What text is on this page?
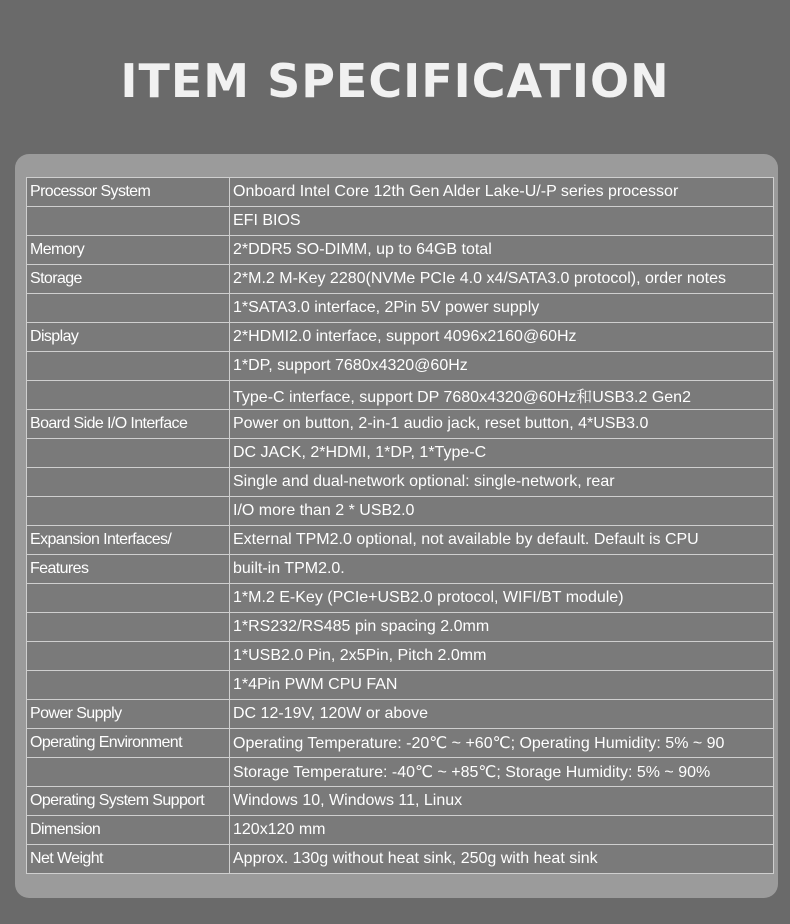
ITEM SPECIFICATION
Processor System	Onboard Intel Core 12th Gen Alder Lake-U/-P series processor
	EFI BIOS
Memory	2*DDR5 SO-DIMM, up to 64GB total
Storage	2*M.2 M-Key 2280(NVMe PCIe 4.0 x4/SATA3.0 protocol), order notes
	1*SATA3.0 interface, 2Pin 5V power supply
Display	2*HDMI2.0 interface, support 4096x2160@60Hz
	1*DP, support 7680x4320@60Hz
	Type-C interface, support DP 7680x4320@60Hz和USB3.2 Gen2
Board Side I/O Interface	Power on button, 2-in-1 audio jack, reset button, 4*USB3.0
	DC JACK, 2*HDMI, 1*DP, 1*Type-C
	Single and dual-network optional: single-network, rear
	I/O more than 2 * USB2.0
Expansion Interfaces/	External TPM2.0 optional, not available by default. Default is CPU
Features	built-in TPM2.0.
	1*M.2 E-Key (PCIe+USB2.0 protocol, WIFI/BT module)
	1*RS232/RS485 pin spacing 2.0mm
	1*USB2.0 Pin, 2x5Pin, Pitch 2.0mm
	1*4Pin PWM CPU FAN
Power Supply	DC 12-19V, 120W or above
Operating Environment	Operating Temperature: -20℃ ~ +60℃; Operating Humidity: 5% ~ 90
	Storage Temperature: -40℃ ~ +85℃; Storage Humidity: 5% ~ 90%
Operating System Support	Windows 10, Windows 11, Linux
Dimension	120x120 mm
Net Weight	Approx. 130g without heat sink, 250g with heat sink
